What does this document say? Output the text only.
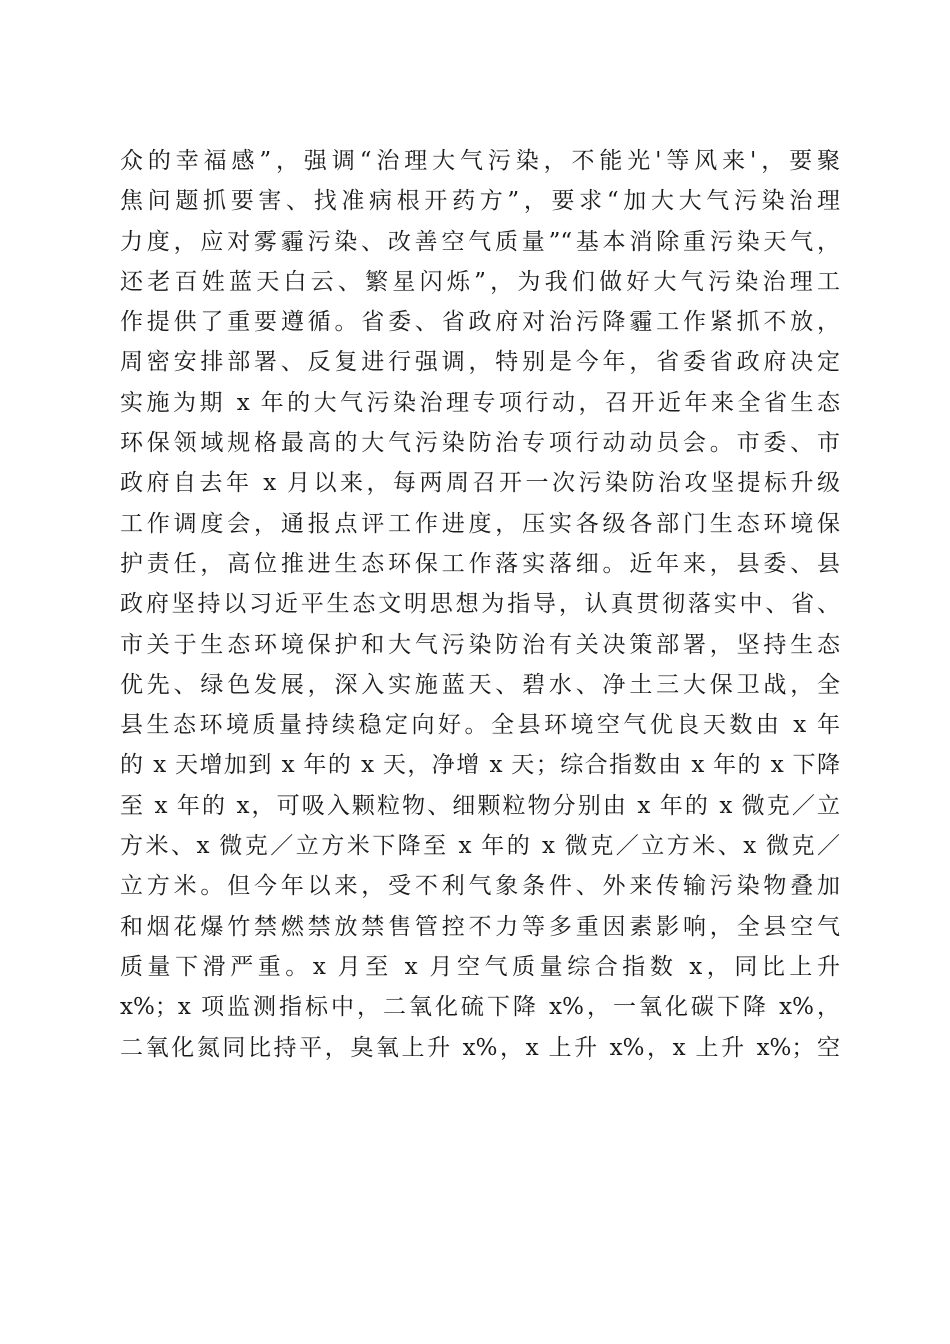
众的幸福感”，强调“治理大气污染，不能光'等风来'，要聚
焦问题抓要害、找准病根开药方”，要求“加大大气污染治理
力度，应对雾霾污染、改善空气质量”“基本消除重污染天气，
还老百姓蓝天白云、繁星闪烁”，为我们做好大气污染治理工
作提供了重要遵循。省委、省政府对治污降霾工作紧抓不放，
周密安排部署、反复进行强调，特别是今年，省委省政府决定
实施为期 x 年的大气污染治理专项行动，召开近年来全省生态
环保领域规格最高的大气污染防治专项行动动员会。市委、市
政府自去年 x 月以来，每两周召开一次污染防治攻坚提标升级
工作调度会，通报点评工作进度，压实各级各部门生态环境保
护责任，高位推进生态环保工作落实落细。近年来，县委、县
政府坚持以习近平生态文明思想为指导，认真贯彻落实中、省、
市关于生态环境保护和大气污染防治有关决策部署，坚持生态
优先、绿色发展，深入实施蓝天、碧水、净土三大保卫战，全
县生态环境质量持续稳定向好。全县环境空气优良天数由 x 年
的 x 天增加到 x 年的 x 天，净增 x 天；综合指数由 x 年的 x 下降
至 x 年的 x，可吸入颗粒物、细颗粒物分别由 x 年的 x 微克／立
方米、x 微克／立方米下降至 x 年的 x 微克／立方米、x 微克／
立方米。但今年以来，受不利气象条件、外来传输污染物叠加
和烟花爆竹禁燃禁放禁售管控不力等多重因素影响，全县空气
质量下滑严重。x 月至 x 月空气质量综合指数 x，同比上升
x%；x 项监测指标中，二氧化硫下降 x%，一氧化碳下降 x%，
二氧化氮同比持平，臭氧上升 x%，x 上升 x%，x 上升 x%；空
